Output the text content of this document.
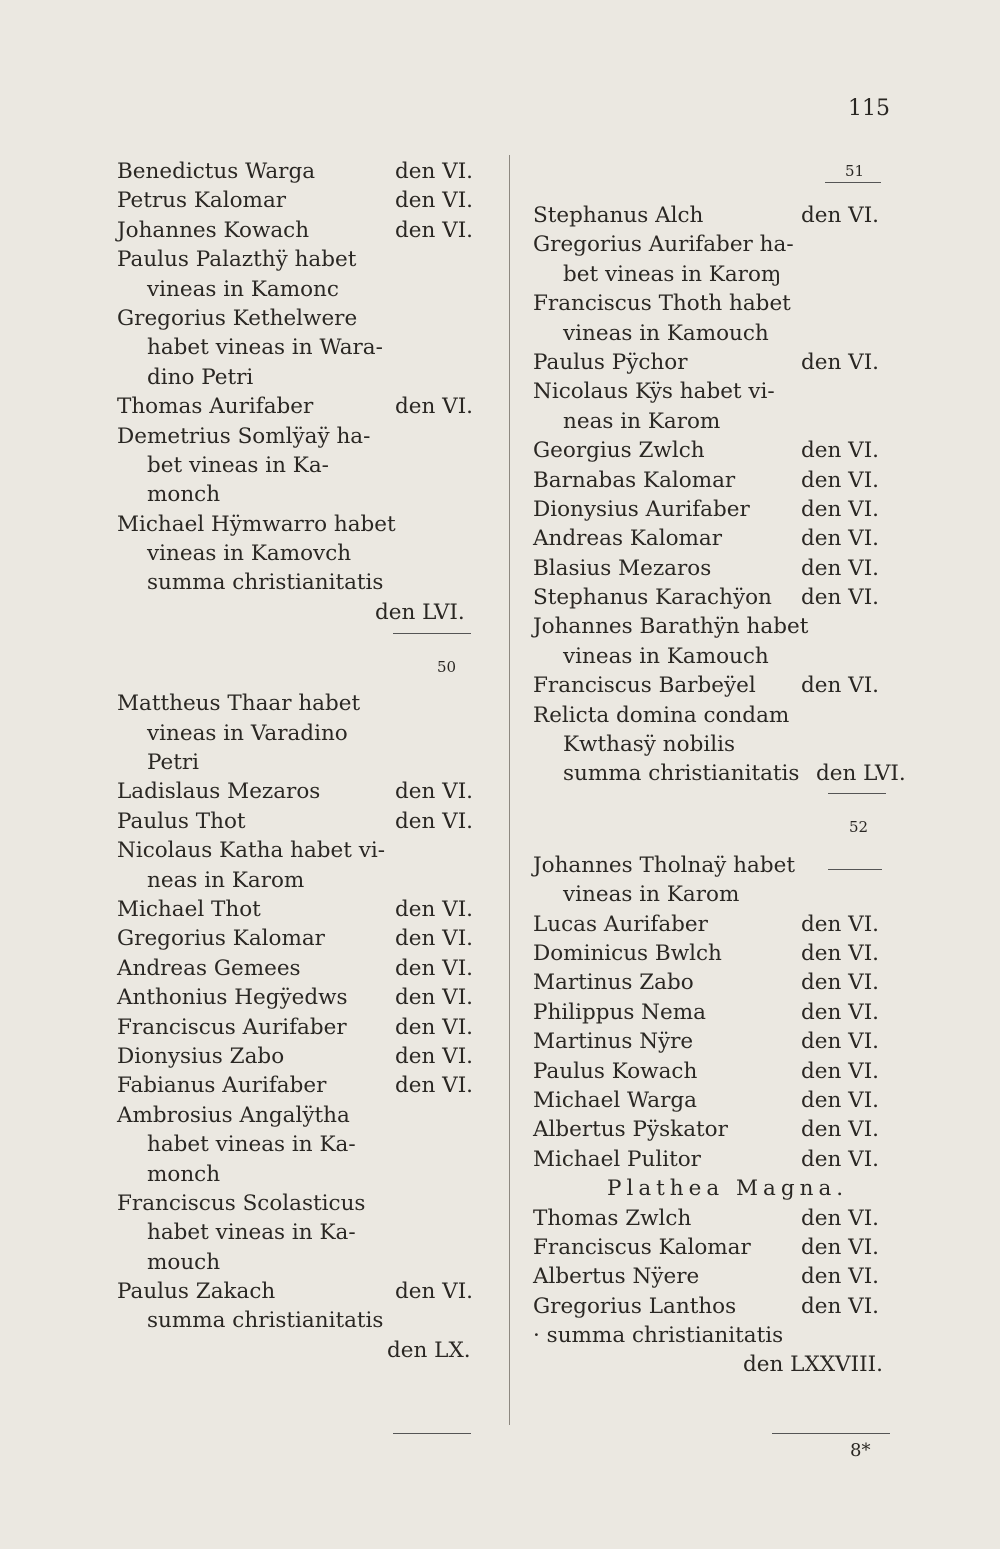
115
Benedictus Warga	den VI.
Petrus Kalomar	den VI.
Johannes Kowach	den VI.
Paulus Palazthÿ habet
vineas in Kamonc
Gregorius Kethelwere
habet vineas in Wara-
dino Petri
Thomas Aurifaber	den VI.
Demetrius Somlÿaÿ ha-
bet vineas in Ka-
monch
Michael Hÿmwarro habet
vineas in Kamovch
summa christianitatis
den LVI.
50
Mattheus Thaar habet
vineas in Varadino
Petri
Ladislaus Mezaros	den VI.
Paulus Thot	den VI.
Nicolaus Katha habet vi-
neas in Karom
Michael Thot	den VI.
Gregorius Kalomar	den VI.
Andreas Gemees	den VI.
Anthonius Hegÿedws den VI.
Franciscus Aurifaber den VI.
Dionysius Zabo	den VI.
Fabianus Aurifaber	den VI.
Ambrosius Angalÿtha
habet vineas in Ka-
monch
Franciscus Scolasticus
habet vineas in Ka-
mouch
Paulus Zakach	den VI.
summa christianitatis
den LX.
51
Stephanus Alch	den VI.
Gregorius Aurifaber ha-
bet vineas in Karoɱ
Franciscus Thoth habet
vineas in Kamouch
Paulus Pÿchor	den VI.
Nicolaus Kÿs habet vi-
neas in Karom
Georgius Zwlch	den VI.
Barnabas Kalomar	den VI.
Dionysius Aurifaber den VI.
Andreas Kalomar	den VI.
Blasius Mezaros	den VI.
Stephanus Karachÿon den VI.
Johannes Barathÿn habet
vineas in Kamouch
Franciscus Barbeÿel den VI.
Relicta domina condam
Kwthasÿ nobilis
summa christianitatis den LVI.
52
Johannes Tholnaÿ habet
vineas in Karom
Lucas Aurifaber	den VI.
Dominicus Bwlch	den VI.
Martinus Zabo	den VI.
Philippus Nema	den VI.
Martinus Nÿre	den VI.
Paulus Kowach	den VI.
Michael Warga	den VI.
Albertus Pÿskator	den VI.
Michael Pulitor	den VI.
Plathea Magna.
Thomas Zwlch	den VI.
Franciscus Kalomar den VI.
Albertus Nÿere	den VI.
Gregorius Lanthos	den VI.
· summa christianitatis
den LXXVIII.
8*
